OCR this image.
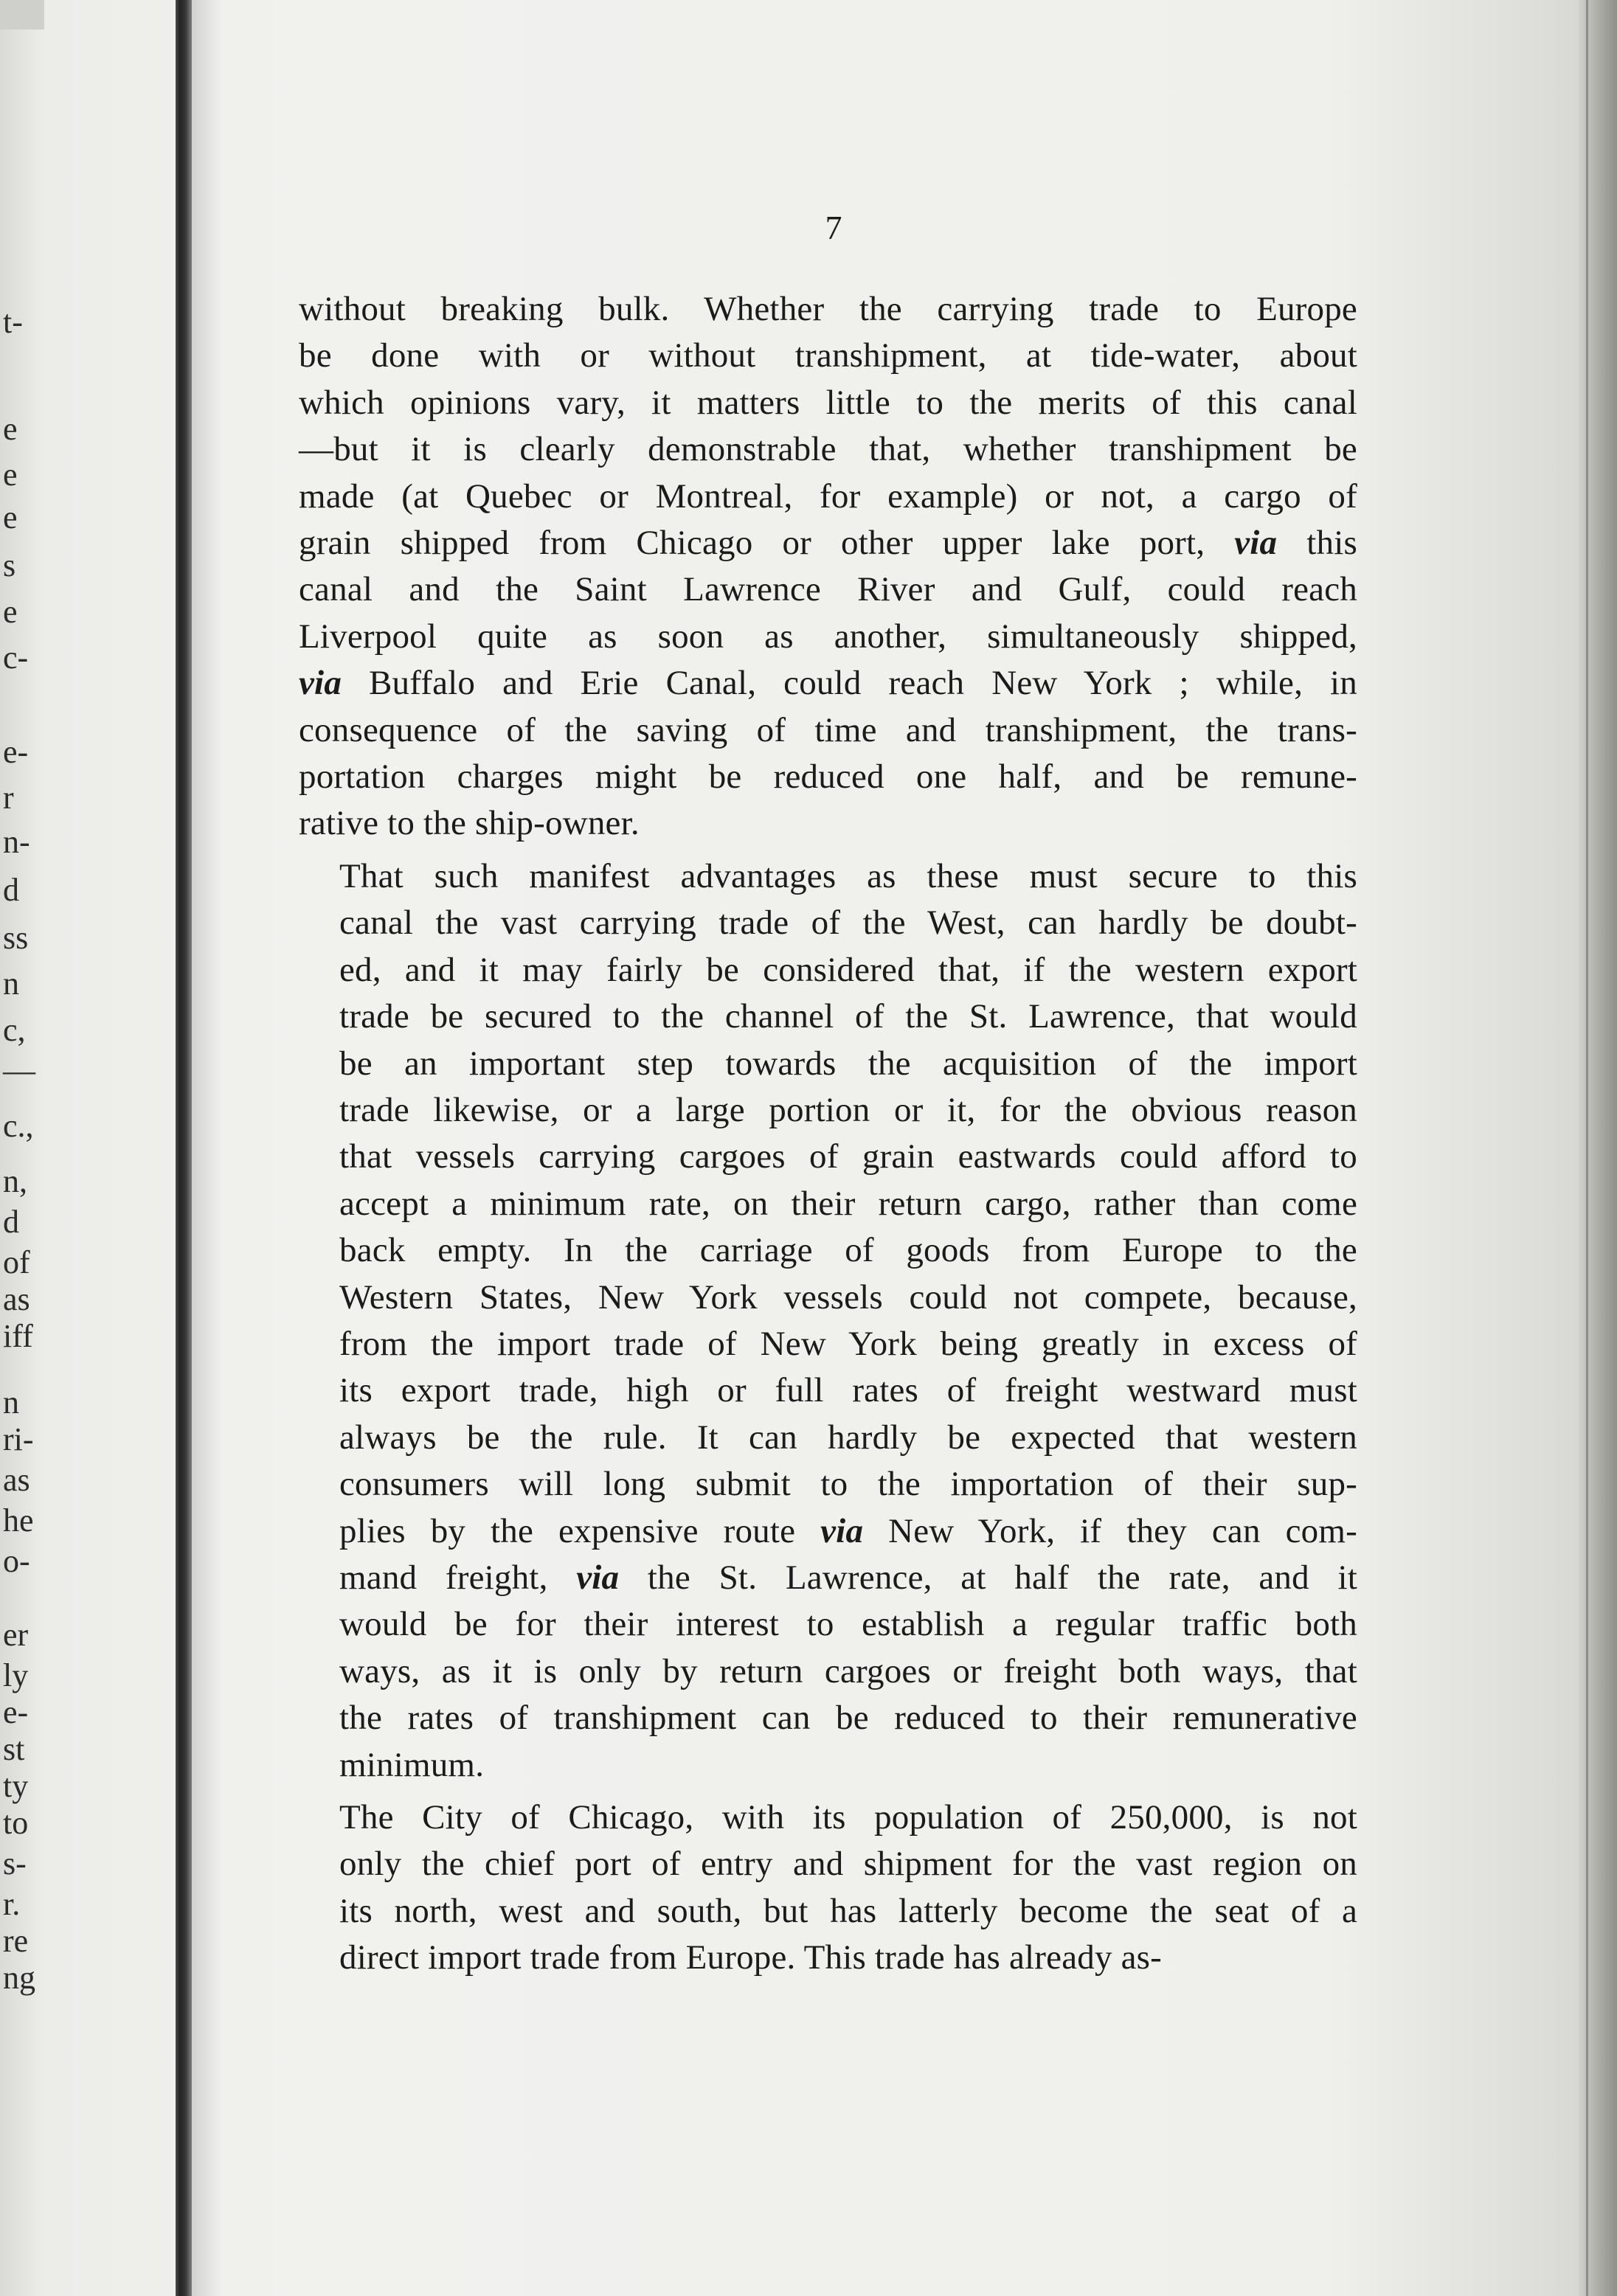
t-
e
e
e
s
e
c-
e-
r
n-
d
ss
n
c,
—
c.,
n,
d
of
as
iff
n
ri-
as
he
o-
er
ly
e-
st
ty
to
s-
r.
re
ng
7
without breaking bulk. Whether the carrying trade to Europe
be done with or without transhipment, at tide-water, about
which opinions vary, it matters little to the merits of this canal
—but it is clearly demonstrable that, whether transhipment be
made (at Quebec or Montreal, for example) or not, a cargo of
grain shipped from Chicago or other upper lake port, via this
canal and the Saint Lawrence River and Gulf, could reach
Liverpool quite as soon as another, simultaneously shipped,
via Buffalo and Erie Canal, could reach New York ; while, in
consequence of the saving of time and transhipment, the trans-
portation charges might be reduced one half, and be remune-
rative to the ship-owner.
That such manifest advantages as these must secure to this
canal the vast carrying trade of the West, can hardly be doubt-
ed, and it may fairly be considered that, if the western export
trade be secured to the channel of the St. Lawrence, that would
be an important step towards the acquisition of the import
trade likewise, or a large portion or it, for the obvious reason
that vessels carrying cargoes of grain eastwards could afford to
accept a minimum rate, on their return cargo, rather than come
back empty. In the carriage of goods from Europe to the
Western States, New York vessels could not compete, because,
from the import trade of New York being greatly in excess of
its export trade, high or full rates of freight westward must
always be the rule. It can hardly be expected that western
consumers will long submit to the importation of their sup-
plies by the expensive route via New York, if they can com-
mand freight, via the St. Lawrence, at half the rate, and it
would be for their interest to establish a regular traffic both
ways, as it is only by return cargoes or freight both ways, that
the rates of transhipment can be reduced to their remunerative
minimum.
The City of Chicago, with its population of 250,000, is not
only the chief port of entry and shipment for the vast region on
its north, west and south, but has latterly become the seat of a
direct import trade from Europe. This trade has already as-
